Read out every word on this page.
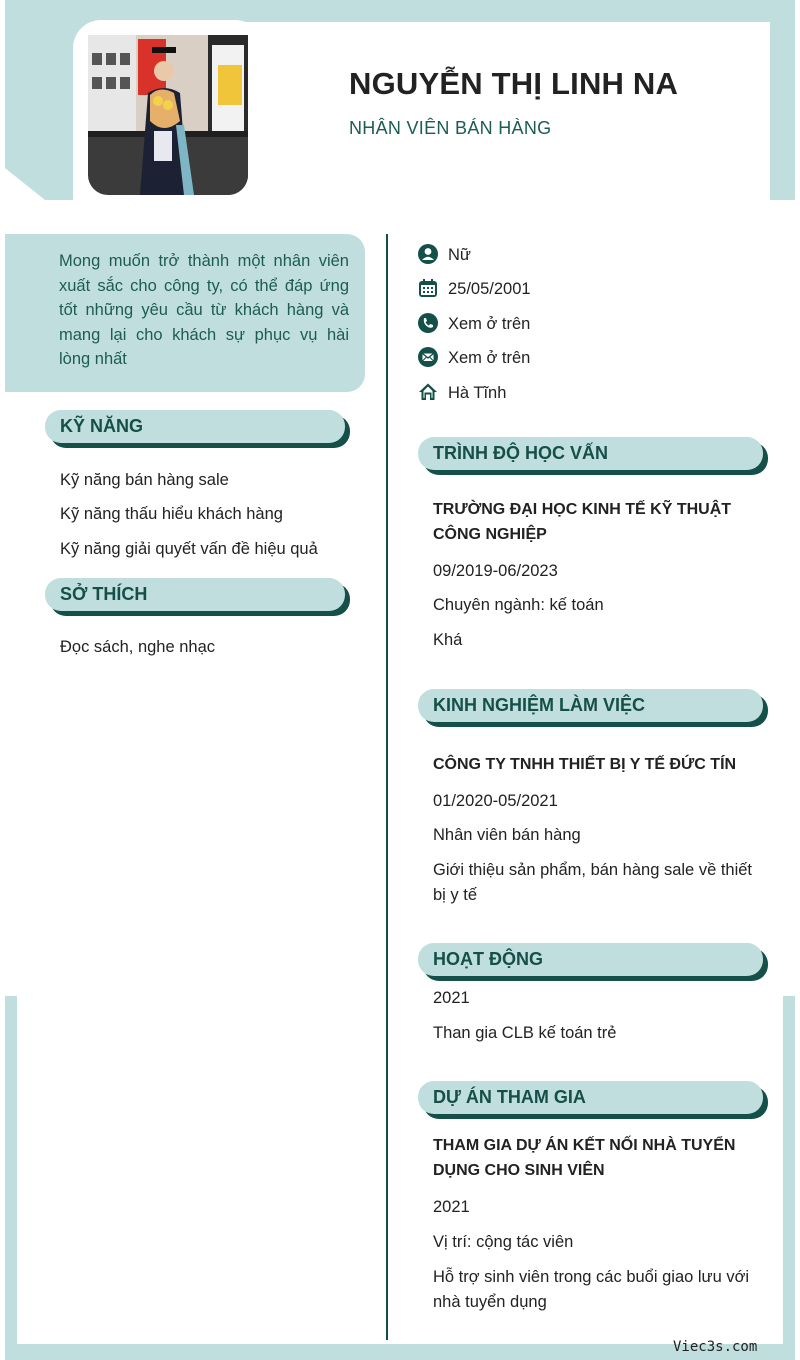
NGUYỄN THỊ LINH NA
NHÂN VIÊN BÁN HÀNG

Mong muốn trở thành một nhân viên xuất sắc cho công ty, có thể đáp ứng tốt những yêu cầu từ khách hàng và mang lại cho khách sự phục vụ hài lòng nhất

KỸ NĂNG
Kỹ năng bán hàng sale
Kỹ năng thấu hiểu khách hàng
Kỹ năng giải quyết vấn đề hiệu quả
SỞ THÍCH
Đọc sách, nghe nhạc
Nữ
25/05/2001
Xem ở trên
Xem ở trên
Hà Tĩnh
TRÌNH ĐỘ HỌC VẤN
TRƯỜNG ĐẠI HỌC KINH TẾ KỸ THUẬT CÔNG NGHIỆP
09/2019-06/2023
Chuyên ngành: kế toán
Khá
KINH NGHIỆM LÀM VIỆC
CÔNG TY TNHH THIẾT BỊ Y TẾ ĐỨC TÍN
01/2020-05/2021
Nhân viên bán hàng
Giới thiệu sản phẩm, bán hàng sale về thiết bị y tế
HOẠT ĐỘNG
2021
Than gia CLB kế toán trẻ
DỰ ÁN THAM GIA
THAM GIA DỰ ÁN KẾT NỐI NHÀ TUYỂN DỤNG CHO SINH VIÊN
2021
Vị trí: cộng tác viên
Hỗ trợ sinh viên trong các buổi giao lưu với nhà tuyển dụng
Viec3s.com
